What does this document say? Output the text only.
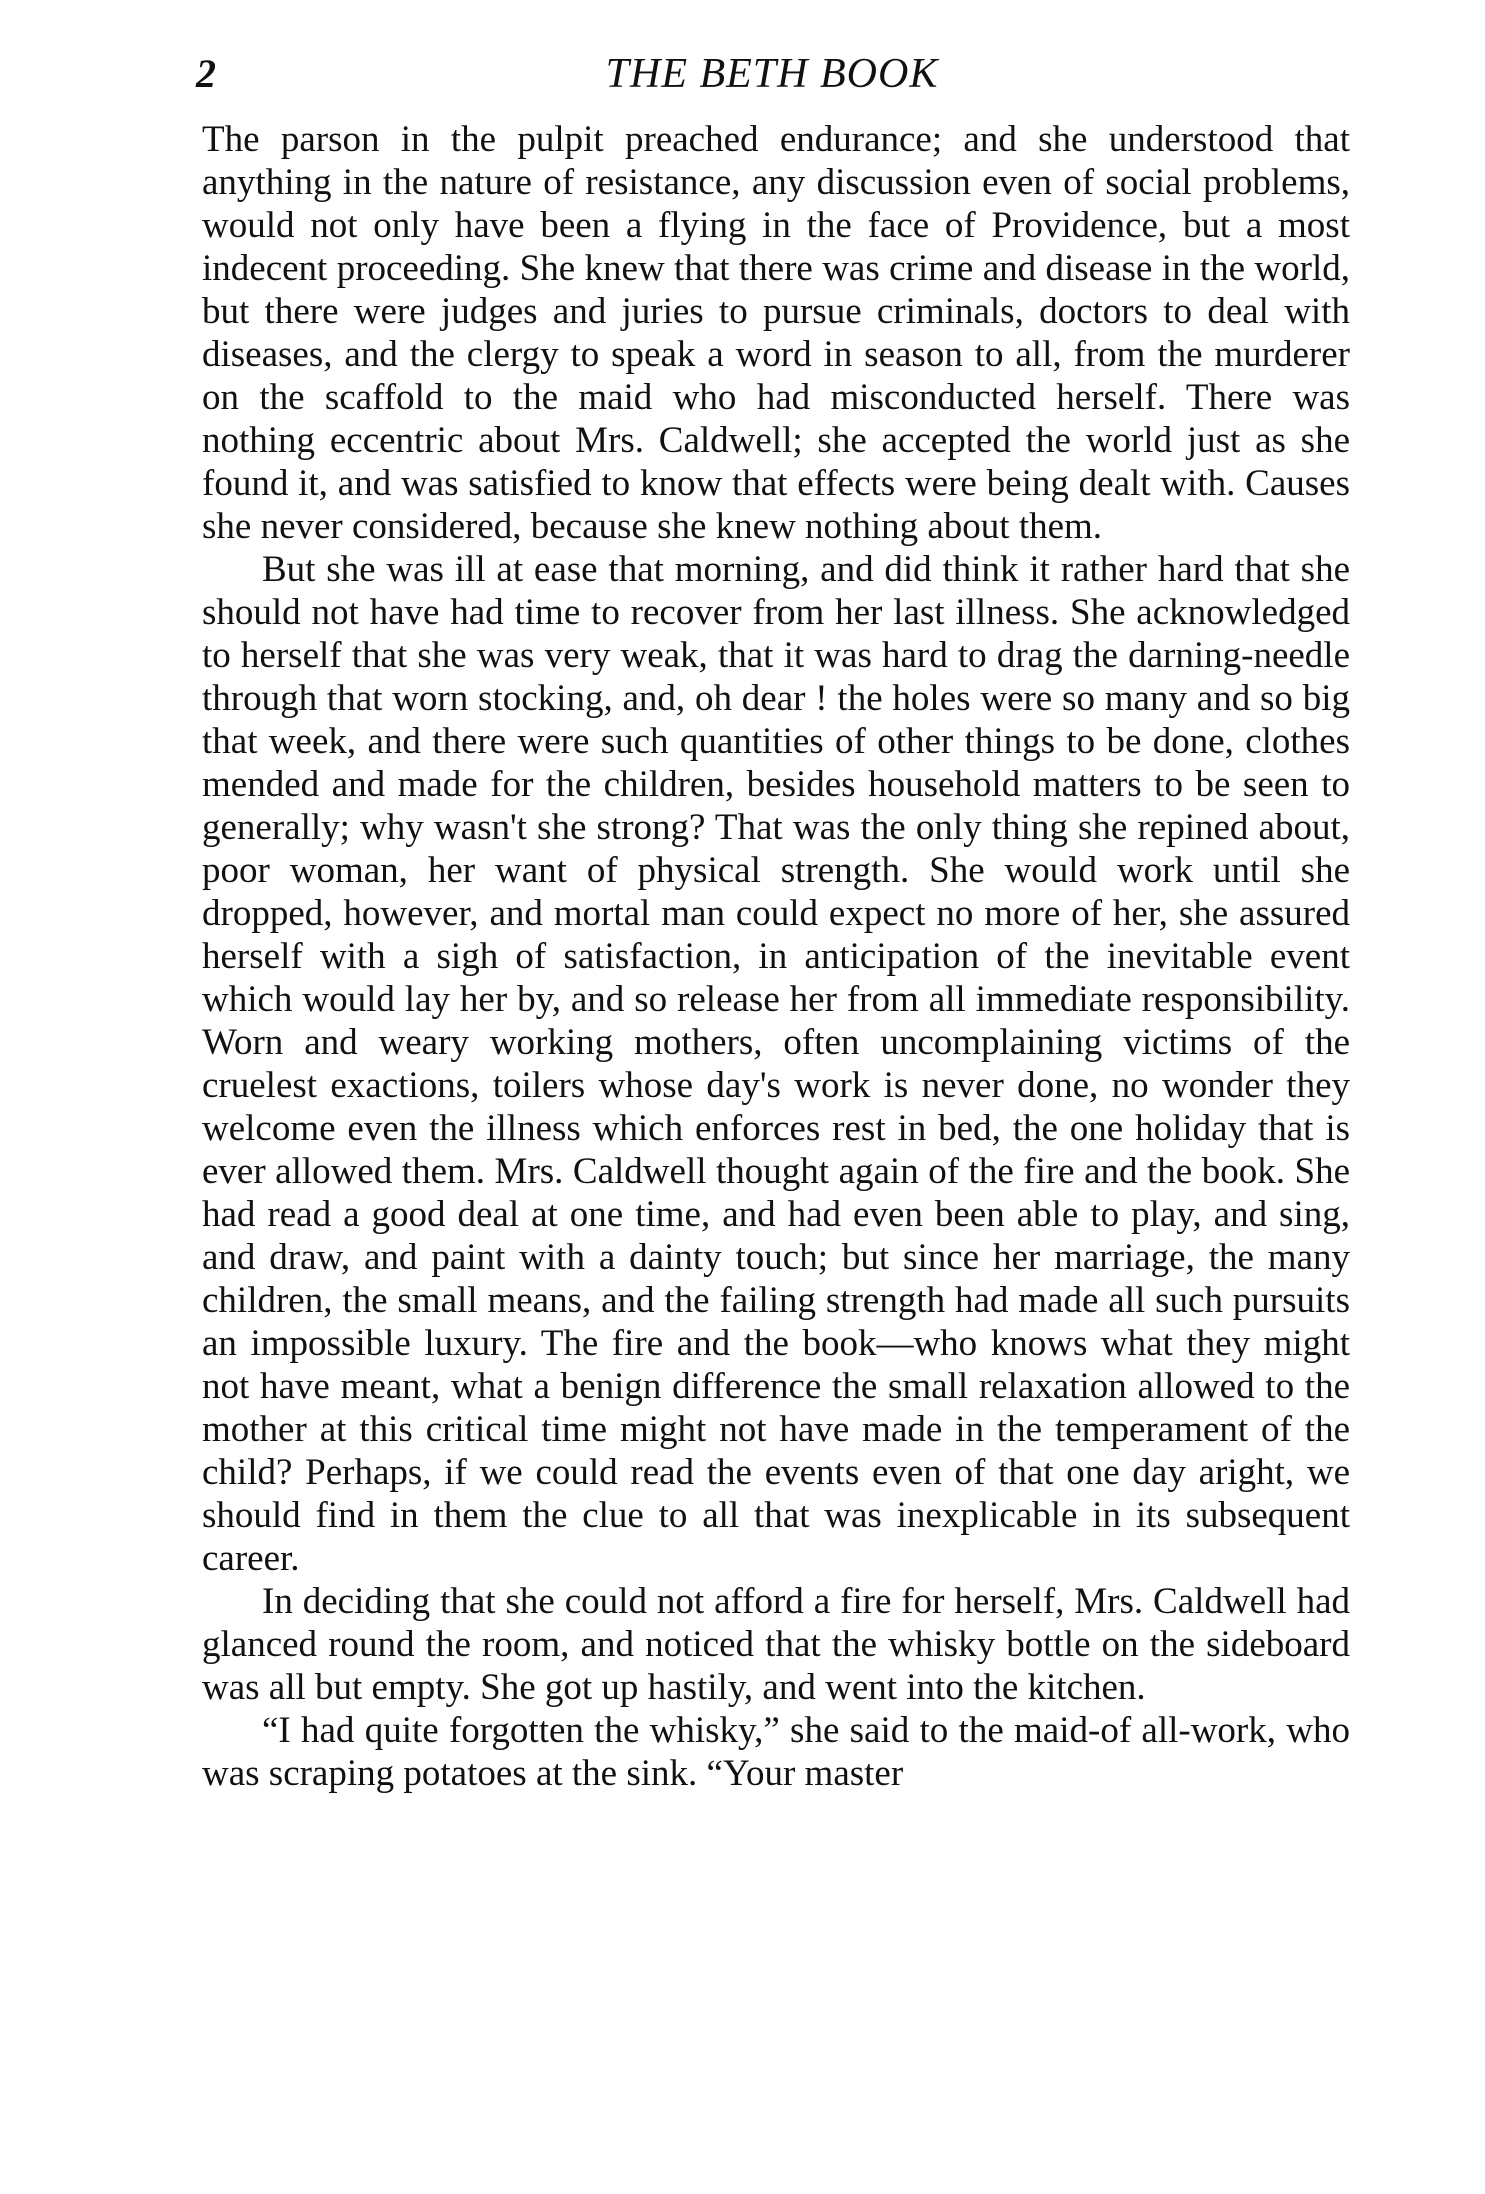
2	THE BETH BOOK

The parson in the pulpit preached endurance; and she understood that anything in the nature of resistance, any discussion even of social problems, would not only have been a flying in the face of Providence, but a most indecent proceeding. She knew that there was crime and disease in the world, but there were judges and juries to pursue criminals, doctors to deal with diseases, and the clergy to speak a word in season to all, from the murderer on the scaffold to the maid who had misconducted herself. There was nothing eccentric about Mrs. Caldwell; she accepted the world just as she found it, and was satisfied to know that effects were being dealt with. Causes she never considered, because she knew nothing about them.

But she was ill at ease that morning, and did think it rather hard that she should not have had time to recover from her last illness. She acknowledged to herself that she was very weak, that it was hard to drag the darning-needle through that worn stocking, and, oh dear ! the holes were so many and so big that week, and there were such quantities of other things to be done, clothes mended and made for the children, besides household matters to be seen to generally; why wasn't she strong? That was the only thing she repined about, poor woman, her want of physical strength. She would work until she dropped, however, and mortal man could expect no more of her, she assured herself with a sigh of satisfaction, in anticipation of the inevitable event which would lay her by, and so release her from all immediate responsibility. Worn and weary working mothers, often uncomplaining victims of the cruelest exactions, toilers whose day's work is never done, no wonder they welcome even the illness which enforces rest in bed, the one holiday that is ever allowed them. Mrs. Caldwell thought again of the fire and the book. She had read a good deal at one time, and had even been able to play, and sing, and draw, and paint with a dainty touch; but since her marriage, the many children, the small means, and the failing strength had made all such pursuits an impossible luxury. The fire and the book—who knows what they might not have meant, what a benign difference the small relaxation allowed to the mother at this critical time might not have made in the temperament of the child? Perhaps, if we could read the events even of that one day aright, we should find in them the clue to all that was inexplicable in its subsequent career.

In deciding that she could not afford a fire for herself, Mrs. Caldwell had glanced round the room, and noticed that the whisky bottle on the sideboard was all but empty. She got up hastily, and went into the kitchen.

“I had quite forgotten the whisky,” she said to the maid-of all-work, who was scraping potatoes at the sink. “Your master
